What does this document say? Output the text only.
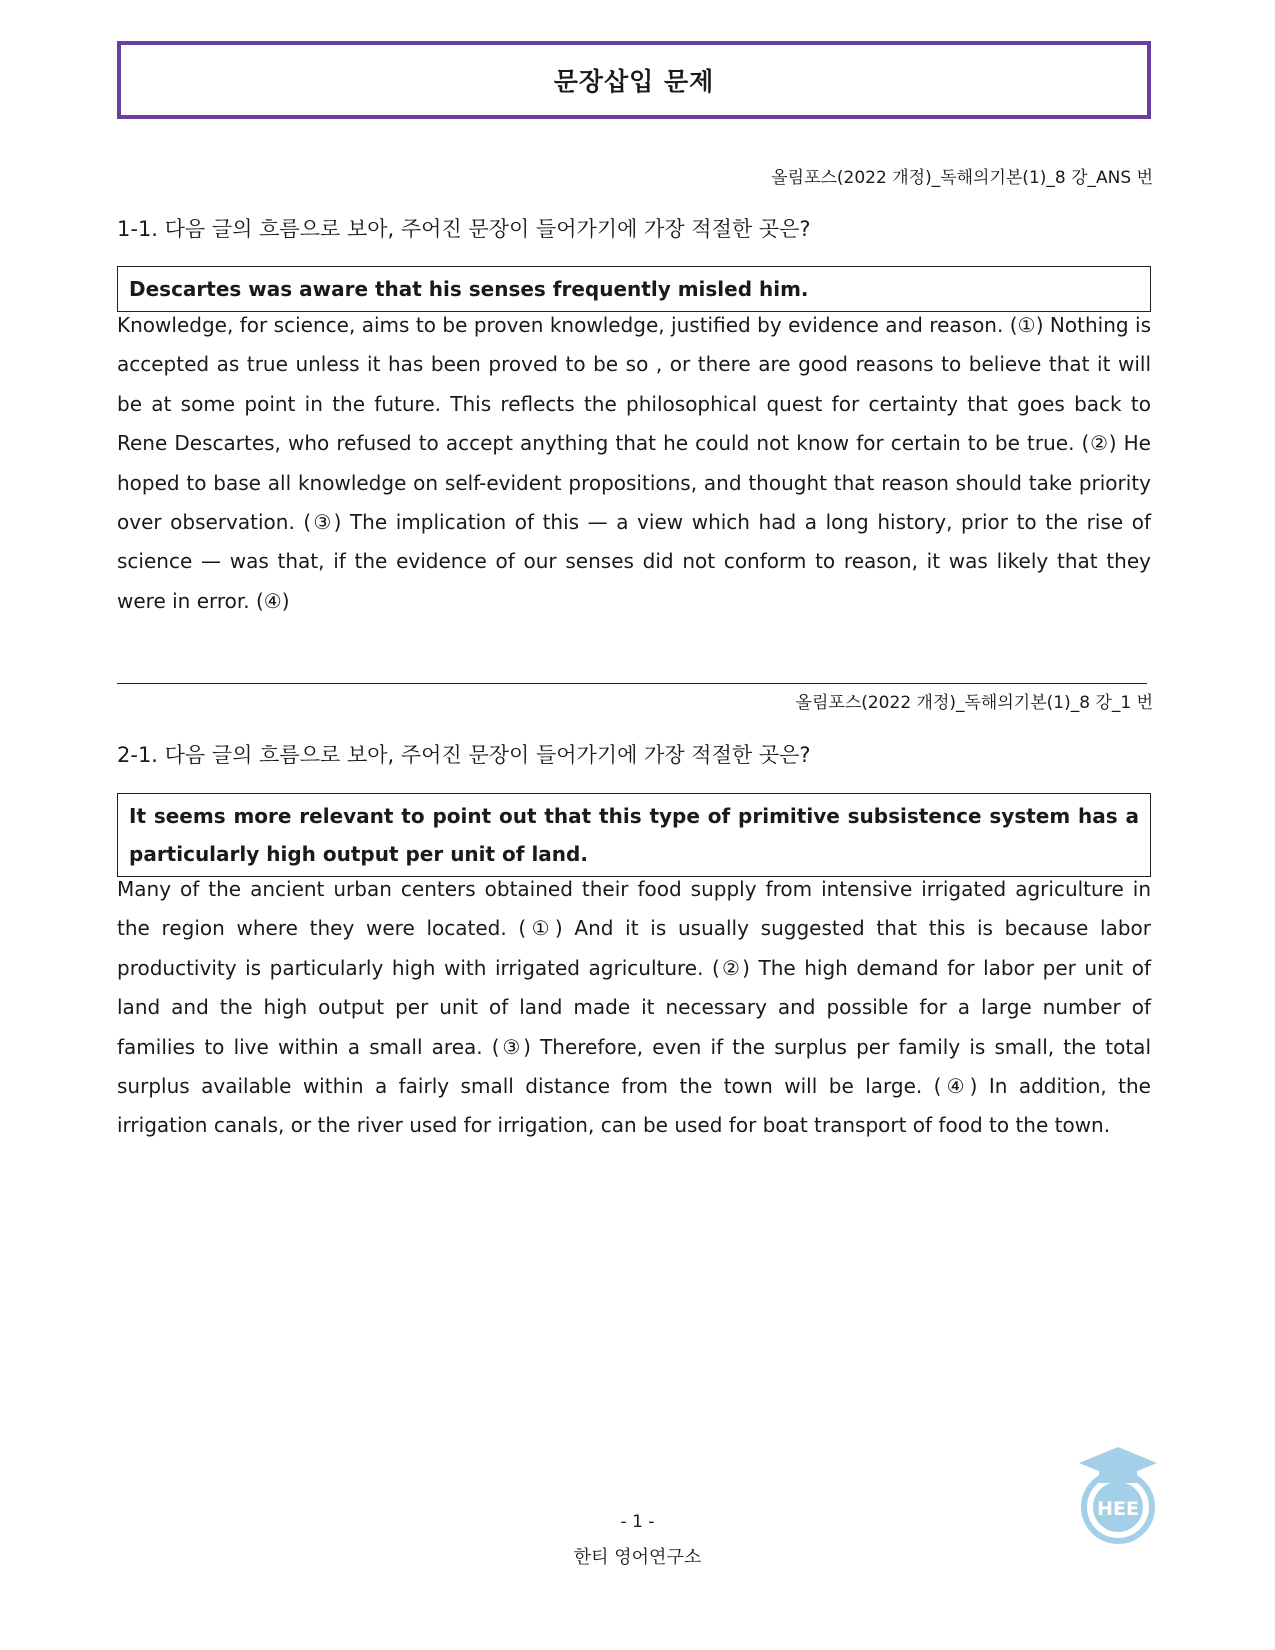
문장삽입 문제
올림포스(2022 개정)_독해의기본(1)_8 강_ANS 번
1-1. 다음 글의 흐름으로 보아, 주어진 문장이 들어가기에 가장 적절한 곳은?
Descartes was aware that his senses frequently misled him.
Knowledge, for science, aims to be proven knowledge, justified by evidence and reason. (①) Nothing is accepted as true unless it has been proved to be so , or there are good reasons to believe that it will be at some point in the future. This reflects the philosophical quest for certainty that goes back to Rene Descartes, who refused to accept anything that he could not know for certain to be true. (②) He hoped to base all knowledge on self-evident propositions, and thought that reason should take priority over observation. (③) The implication of this — a view which had a long history, prior to the rise of science — was that, if the evidence of our senses did not conform to reason, it was likely that they were in error. (④)
올림포스(2022 개정)_독해의기본(1)_8 강_1 번
2-1. 다음 글의 흐름으로 보아, 주어진 문장이 들어가기에 가장 적절한 곳은?
It seems more relevant to point out that this type of primitive subsistence system has a particularly high output per unit of land.
Many of the ancient urban centers obtained their food supply from intensive irrigated agriculture in the region where they were located. (①) And it is usually suggested that this is because labor productivity is particularly high with irrigated agriculture. (②) The high demand for labor per unit of land and the high output per unit of land made it necessary and possible for a large number of families to live within a small area. (③) Therefore, even if the surplus per family is small, the total surplus available within a fairly small distance from the town will be large. (④) In addition, the irrigation canals, or the river used for irrigation, can be used for boat transport of food to the town.
HEE
- 1 -
한티 영어연구소
